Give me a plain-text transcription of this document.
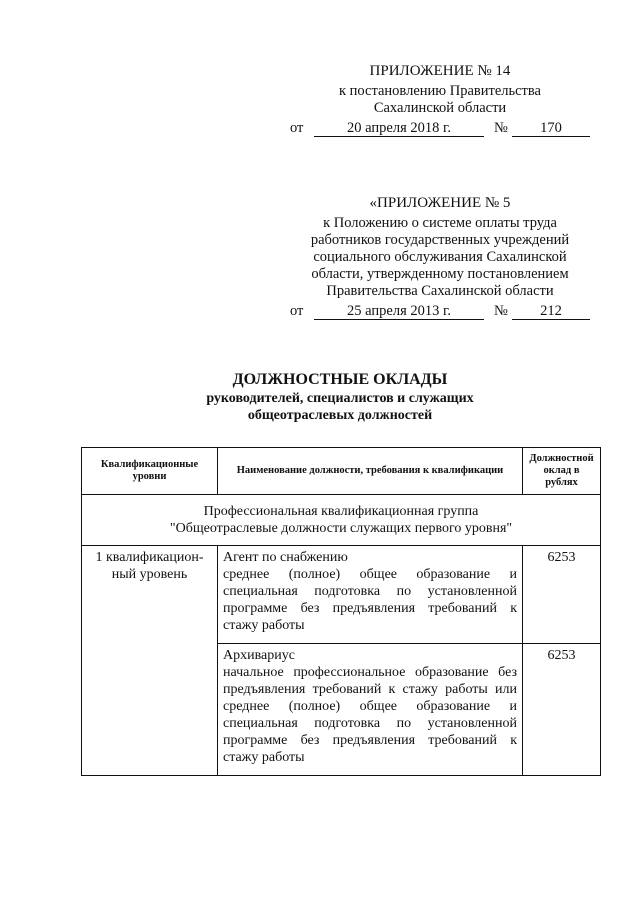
ПРИЛОЖЕНИЕ № 14
к постановлению Правительства
Сахалинской области
от	20 апреля 2018 г.	№	170
«ПРИЛОЖЕНИЕ № 5
к Положению о системе оплаты труда
работников государственных учреждений
социального обслуживания Сахалинской
области, утвержденному постановлением
Правительства Сахалинской области
от	25 апреля 2013 г.	№	212
ДОЛЖНОСТНЫЕ ОКЛАДЫ
руководителей, специалистов и служащих
общеотраслевых должностей
Квалификационные уровни	Наименование должности, требования к квалификации	Должностной оклад в рублях

Профессиональная квалификационная группа
"Общеотраслевые должности служащих первого уровня"		

1 квалификацион-ный уровень	Агент по снабжению
среднее (полное) общее образование и специальная подготовка по установленной программе без предъявления требований к стажу работы	6253

	Архивариус
начальное профессиональное образование без предъявления требований к стажу работы или среднее (полное) общее образование и специальная подготовка по установленной программе без предъявления требований к стажу работы	6253
